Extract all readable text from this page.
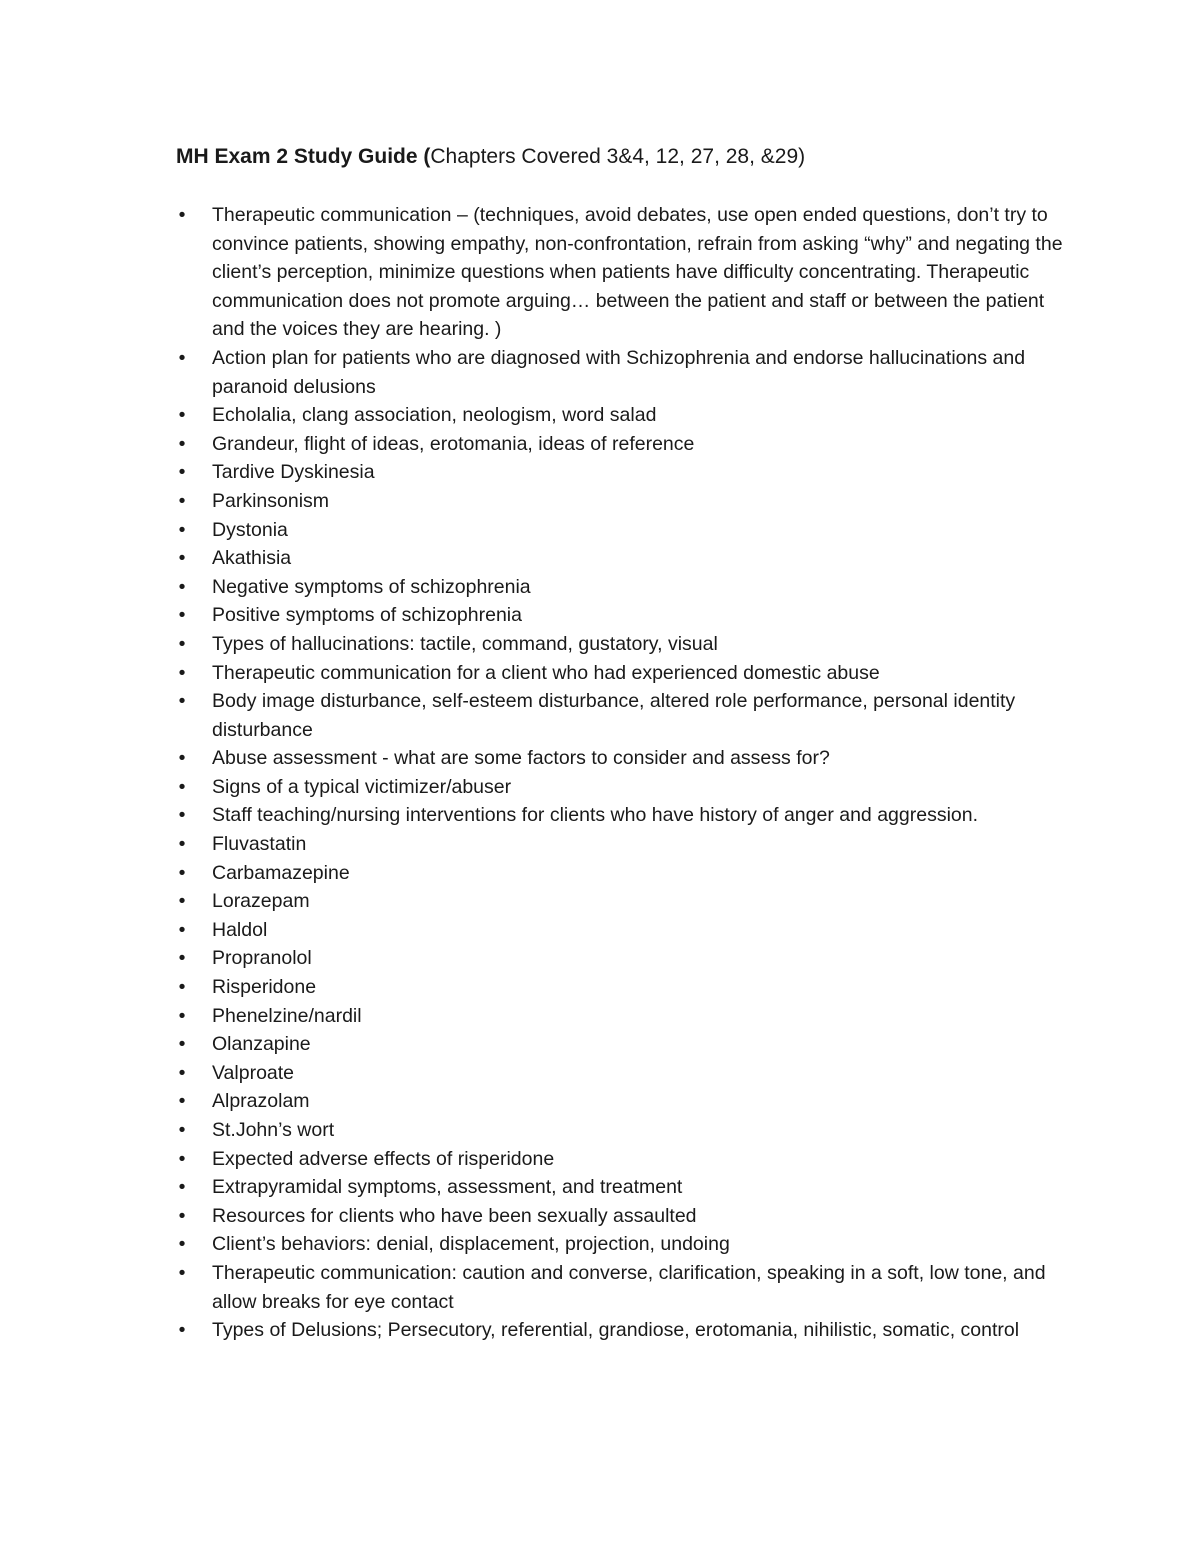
MH Exam 2 Study Guide (Chapters Covered 3&4, 12, 27, 28, &29)
• Therapeutic communication – (techniques, avoid debates, use open ended questions, don’t try to convince patients, showing empathy, non-confrontation, refrain from asking “why” and negating the client’s perception, minimize questions when patients have difficulty concentrating. Therapeutic communication does not promote arguing… between the patient and staff or between the patient and the voices they are hearing. )
• Action plan for patients who are diagnosed with Schizophrenia and endorse hallucinations and paranoid delusions
• Echolalia, clang association, neologism, word salad
• Grandeur, flight of ideas, erotomania, ideas of reference
• Tardive Dyskinesia
• Parkinsonism
• Dystonia
• Akathisia
• Negative symptoms of schizophrenia
• Positive symptoms of schizophrenia
• Types of hallucinations: tactile, command, gustatory, visual
• Therapeutic communication for a client who had experienced domestic abuse
• Body image disturbance, self-esteem disturbance, altered role performance, personal identity disturbance
• Abuse assessment - what are some factors to consider and assess for?
• Signs of a typical victimizer/abuser
• Staff teaching/nursing interventions for clients who have history of anger and aggression.
• Fluvastatin
• Carbamazepine
• Lorazepam
• Haldol
• Propranolol
• Risperidone
• Phenelzine/nardil
• Olanzapine
• Valproate
• Alprazolam
• St.John’s wort
• Expected adverse effects of risperidone
• Extrapyramidal symptoms, assessment, and treatment
• Resources for clients who have been sexually assaulted
• Client’s behaviors: denial, displacement, projection, undoing
• Therapeutic communication: caution and converse, clarification, speaking in a soft, low tone, and allow breaks for eye contact
• Types of Delusions; Persecutory, referential, grandiose, erotomania, nihilistic, somatic, control
